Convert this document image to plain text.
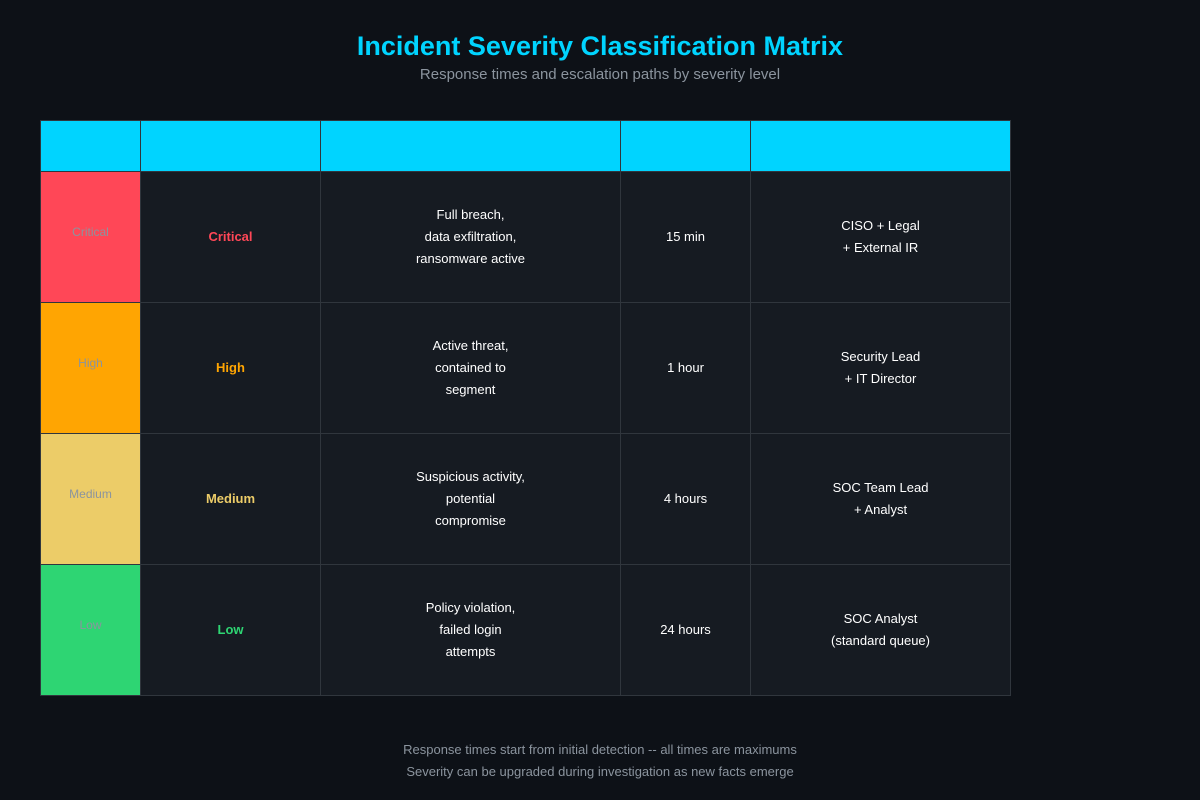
Incident Severity Classification Matrix
Response times and escalation paths by severity level

Critical	Critical	Full breach,
data exfiltration,
ransomware active	15 min	CISO + Legal
+ External IR
High	High	Active threat,
contained to
segment	1 hour	Security Lead
+ IT Director
Medium	Medium	Suspicious activity,
potential
compromise	4 hours	SOC Team Lead
+ Analyst
Low	Low	Policy violation,
failed login
attempts	24 hours	SOC Analyst
(standard queue)
Response times start from initial detection -- all times are maximums
Severity can be upgraded during investigation as new facts emerge
